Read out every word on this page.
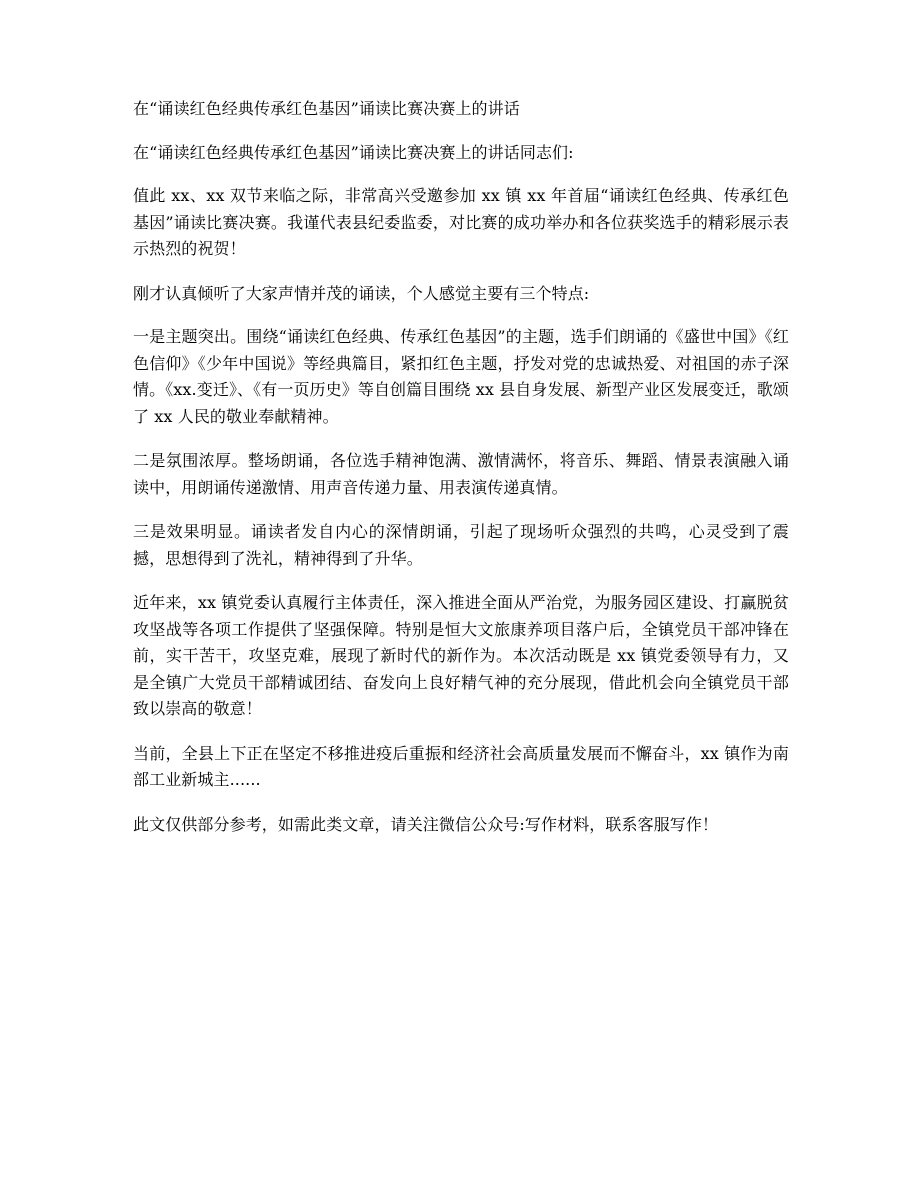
在“诵读红色经典传承红色基因”诵读比赛决赛上的讲话

在“诵读红色经典传承红色基因”诵读比赛决赛上的讲话同志们:

值此 xx、xx 双节来临之际，非常高兴受邀参加 xx 镇 xx 年首届“诵读红色经典、传承红色基因”诵读比赛决赛。我谨代表县纪委监委，对比赛的成功举办和各位获奖选手的精彩展示表示热烈的祝贺！

刚才认真倾听了大家声情并茂的诵读，个人感觉主要有三个特点:

一是主题突出。围绕“诵读红色经典、传承红色基因”的主题，选手们朗诵的《盛世中国》《红色信仰》《少年中国说》等经典篇目，紧扣红色主题，抒发对党的忠诚热爱、对祖国的赤子深情。《xx.变迁》、《有一页历史》等自创篇目围绕 xx 县自身发展、新型产业区发展变迁，歌颂了 xx 人民的敬业奉献精神。

二是氛围浓厚。整场朗诵，各位选手精神饱满、激情满怀，将音乐、舞蹈、情景表演融入诵读中，用朗诵传递激情、用声音传递力量、用表演传递真情。

三是效果明显。诵读者发自内心的深情朗诵，引起了现场听众强烈的共鸣，心灵受到了震撼，思想得到了洗礼，精神得到了升华。

近年来，xx 镇党委认真履行主体责任，深入推进全面从严治党，为服务园区建设、打赢脱贫攻坚战等各项工作提供了坚强保障。特别是恒大文旅康养项目落户后，全镇党员干部冲锋在前，实干苦干，攻坚克难，展现了新时代的新作为。本次活动既是 xx 镇党委领导有力，又是全镇广大党员干部精诚团结、奋发向上良好精气神的充分展现，借此机会向全镇党员干部致以崇高的敬意！

当前，全县上下正在坚定不移推进疫后重振和经济社会高质量发展而不懈奋斗，xx 镇作为南部工业新城主......

此文仅供部分参考，如需此类文章，请关注微信公众号:写作材料，联系客服写作！
